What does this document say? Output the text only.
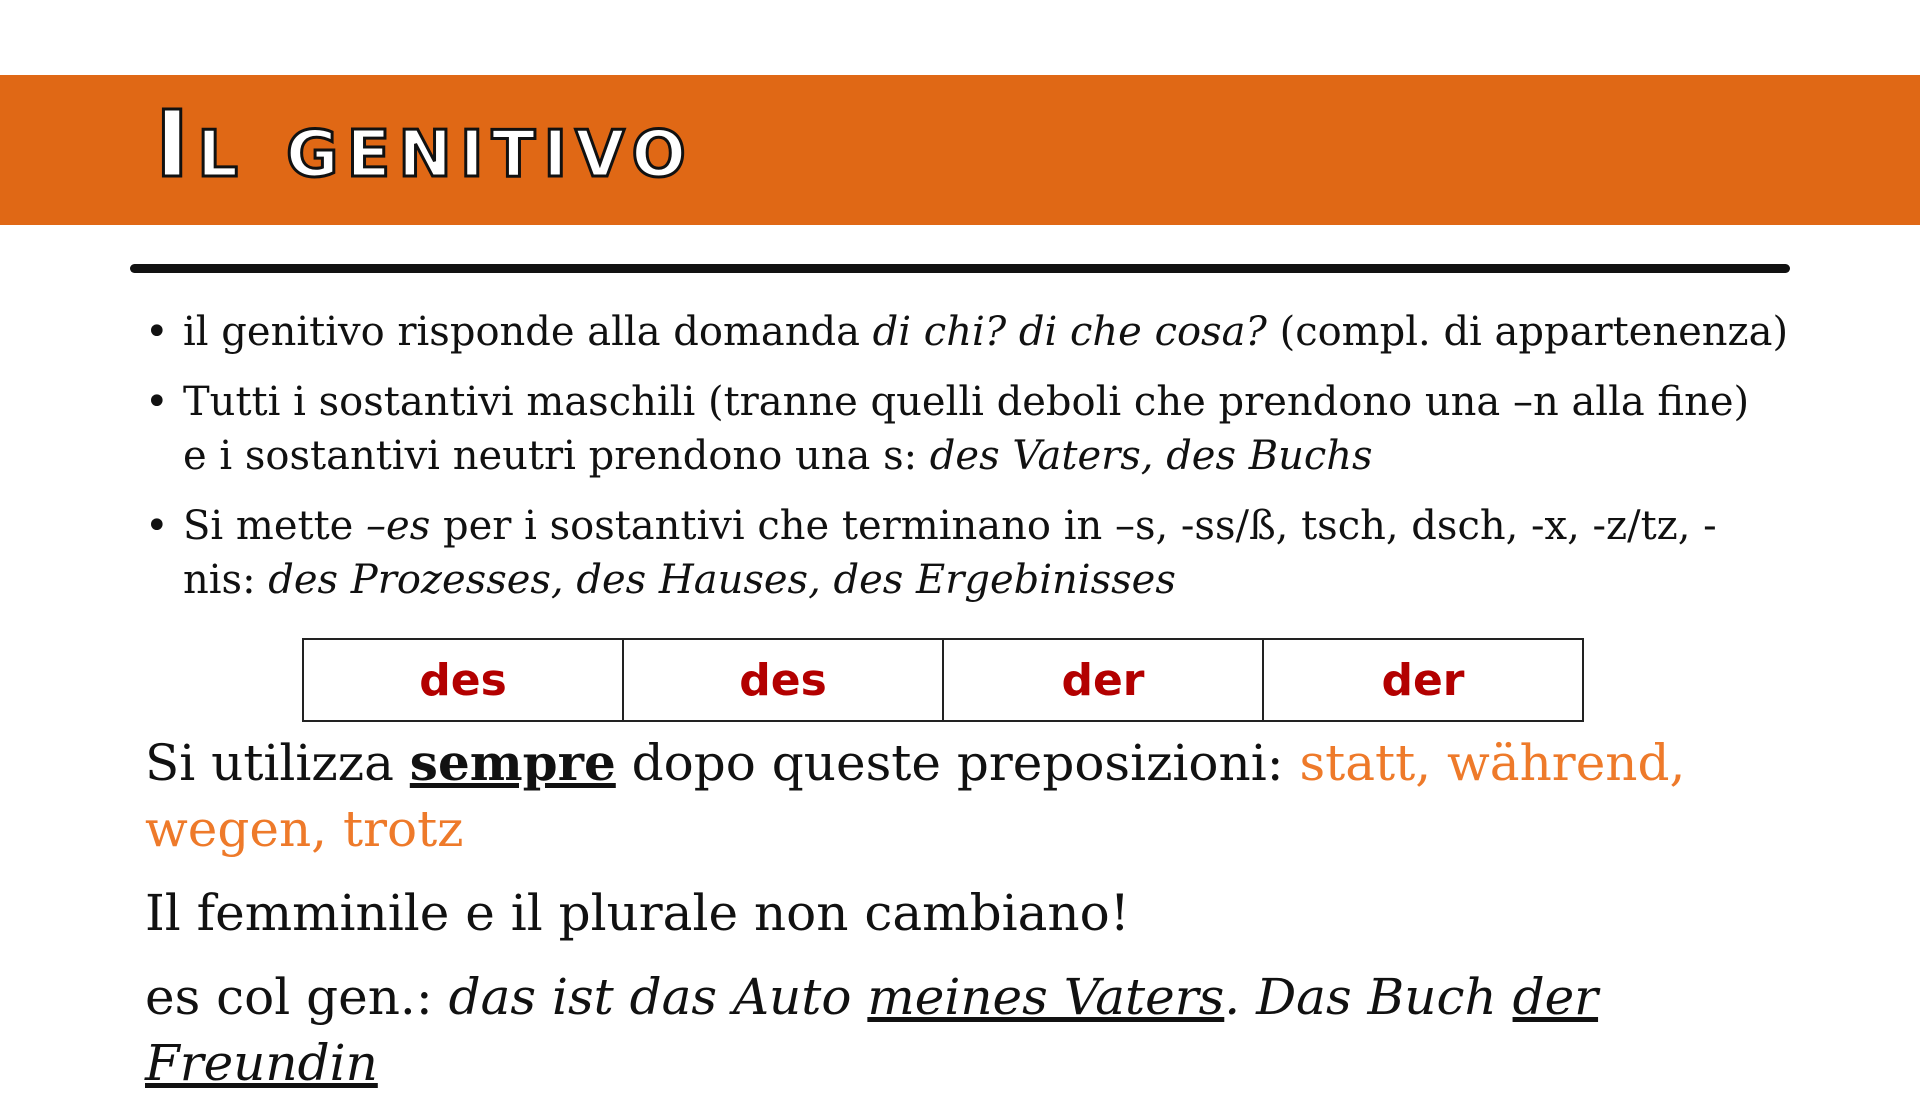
Il genitivo
• il genitivo risponde alla domanda di chi? di che cosa? (compl. di appartenenza)
• Tutti i sostantivi maschili (tranne quelli deboli che prendono una –n alla fine)
e i sostantivi neutri prendono una s: des Vaters, des Buchs
• Si mette –es per i sostantivi che terminano in –s, -ss/ß, tsch, dsch, -x, -z/tz, -
nis: des Prozesses, des Hauses, des Ergebinisses
des	des	der	der
Si utilizza sempre dopo queste preposizioni: statt, während,
wegen, trotz
Il femminile e il plurale non cambiano!
es col gen.: das ist das Auto meines Vaters. Das Buch der Freundin
